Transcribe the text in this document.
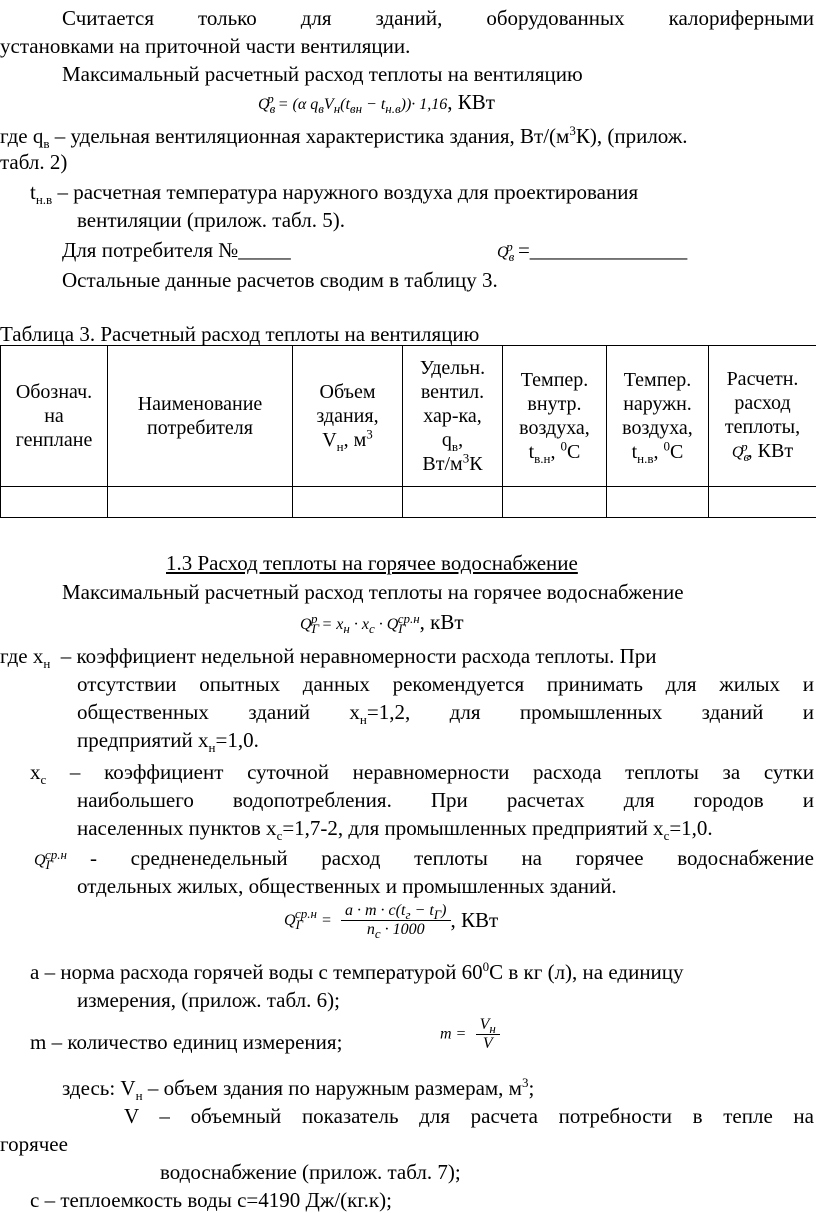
Считается только для зданий, оборудованных калориферными
установками на приточной части вентиляции.
Максимальный расчетный расход теплоты на вентиляцию
$Q_в^р = (\alpha$ $q_вV_н(t_{вн} - t_{н.в}))\cdot 1,16$, КВт
где $q_в$ – удельная вентиляционная характеристика здания, $Вт/(м^3К)$, (прилож.
табл. 2)
$t_{н.в}$ – расчетная температура наружного воздуха для проектирования
вентиляции (прилож. табл. 5).
Для потребителя №_____	$Q_в^р$ =_______________
Остальные данные расчетов сводим в таблицу 3.
Таблица 3. Расчетный расход теплоты на вентиляцию
Обознач.
на
генплане	Наименование
потребителя	Объем
здания,
$V_н$, $м^3$	Удельн.
вентил.
хар-ка,
$q_в$,
$Вт/м^3К$	Темпер.
внутр.
воздуха,
$t_{в.н}$, $^0$С	Темпер.
наружн.
воздуха,
$t_{н.в}$, $^0$С	Расчетн.
расход
теплоты,
$Q_в^р$, КВт

1.3 Расход теплоты на горячее водоснабжение
Максимальный расчетный расход теплоты на горячее водоснабжение
$Q_Г^р = x_н \cdot x_с \cdot Q_Г^{ср.н}$, кВт
где $x_н$  – коэффициент недельной неравномерности расхода теплоты. При
отсутствии опытных данных рекомендуется принимать для жилых и
общественных зданий $x_н=1,2$, для промышленных зданий и
предприятий $x_н=1,0$.
$x_с$ – коэффициент суточной неравномерности расхода теплоты за сутки
наибольшего водопотребления. При расчетах для городов и
населенных пунктов $x_с=1,7-2$, для промышленных предприятий $x_с=1,0$.
$Q_Г^{ср.н}$ - средненедельный расход теплоты на горячее водоснабжение
отдельных жилых, общественных и промышленных зданий.
$Q_Г^{ср.н} = \frac{a \cdot m \cdot c(t_г - t_Г)}{n_с \cdot 1000}$ , КВт
а – норма расхода горячей воды с температурой $60^0С$ в кг (л), на единицу
измерения, (прилож. табл. 6);
m – количество единиц измерения;	$m = \frac{V_н}{V}$
здесь: $V_н$ – объем здания по наружным размерам, $м^3$;
V – объемный показатель для расчета потребности в тепле на
горячее
водоснабжение (прилож. табл. 7);
с – теплоемкость воды с=4190 Дж/(кг.к);
